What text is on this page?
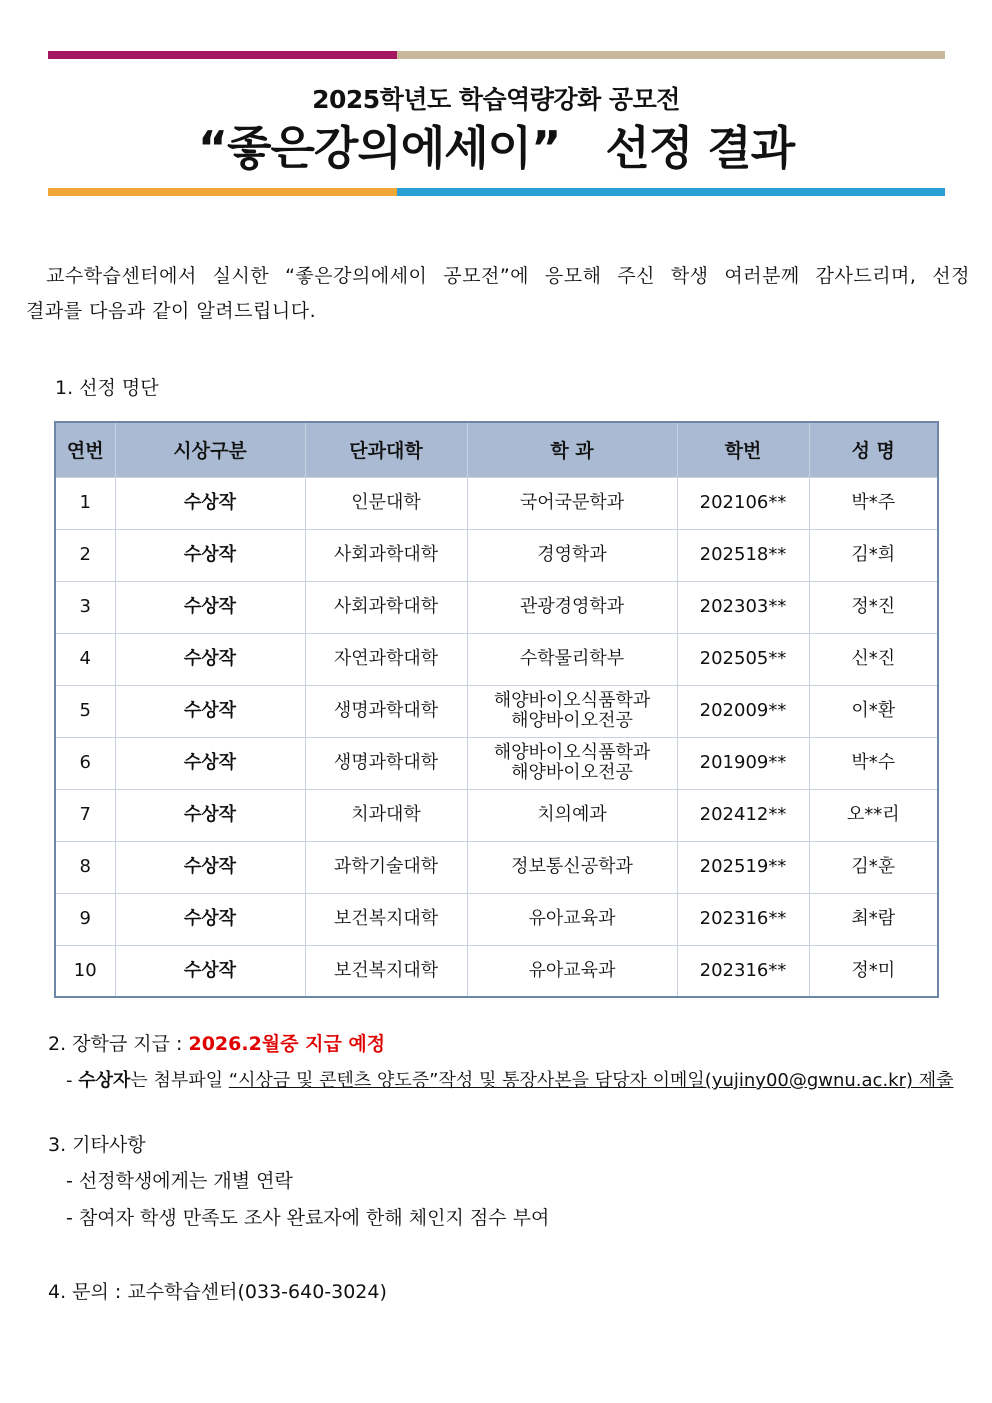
2025학년도 학습역량강화 공모전
“좋은강의에세이”   선정 결과
교수학습센터에서 실시한 “좋은강의에세이 공모전”에 응모해 주신 학생 여러분께 감사드리며, 선정
결과를 다음과 같이 알려드립니다.
1. 선정 명단
연번	시상구분	단과대학	학 과	학번	성 명
1	수상작	인문대학	국어국문학과	202106**	박*주
2	수상작	사회과학대학	경영학과	202518**	김*희
3	수상작	사회과학대학	관광경영학과	202303**	정*진
4	수상작	자연과학대학	수학물리학부	202505**	신*진
5	수상작	생명과학대학	해양바이오식품학과
해양바이오전공	202009**	이*환
6	수상작	생명과학대학	해양바이오식품학과
해양바이오전공	201909**	박*수
7	수상작	치과대학	치의예과	202412**	오**리
8	수상작	과학기술대학	정보통신공학과	202519**	김*훈
9	수상작	보건복지대학	유아교육과	202316**	최*람
10	수상작	보건복지대학	유아교육과	202316**	정*미
2. 장학금 지급 : 2026.2월중 지급 예정
- 수상자는 첨부파일 “시상금 및 콘텐츠 양도증”작성 및 통장사본을 담당자 이메일(yujiny00@gwnu.ac.kr) 제출
3. 기타사항
- 선정학생에게는 개별 연락
- 참여자 학생 만족도 조사 완료자에 한해 체인지 점수 부여
4. 문의 : 교수학습센터(033-640-3024)
